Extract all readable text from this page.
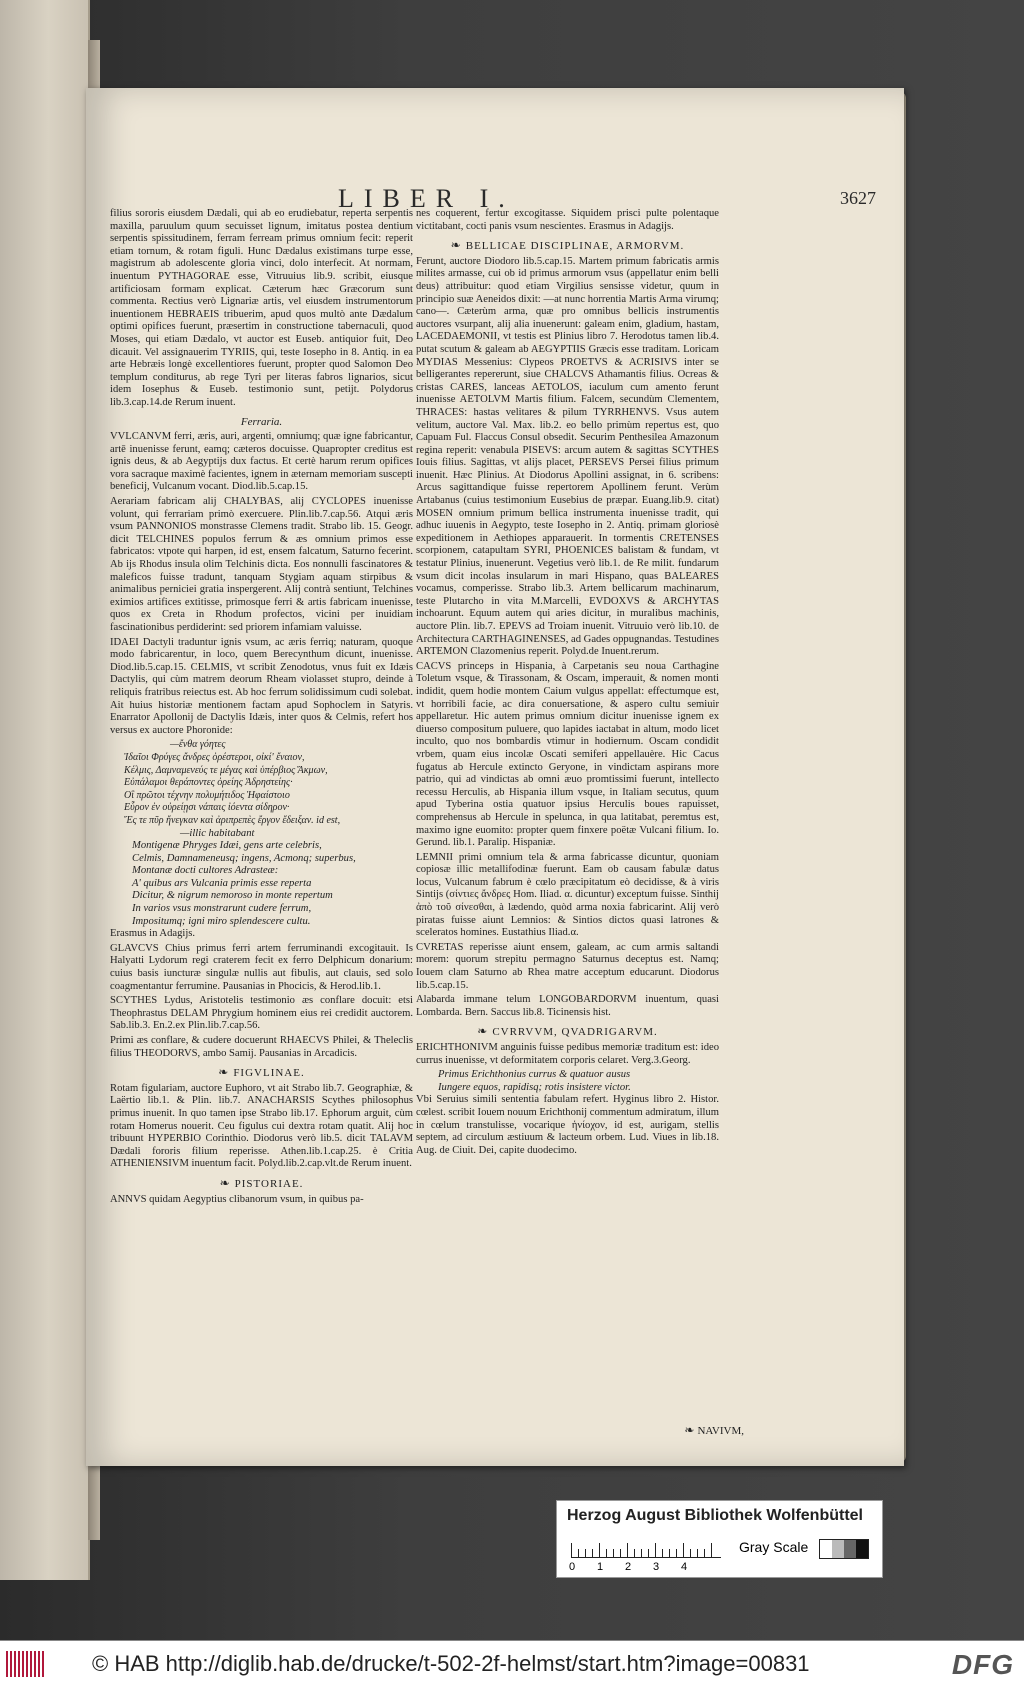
LIBER I.	3627

filius sororis eiusdem Dædali, qui ab eo erudiebatur, reperta serpentis maxilla, paruulum quum secuisset lignum, imitatus postea dentium serpentis spissitudinem, ferram ferream primus omnium fecit: reperit etiam tornum, & rotam figuli. Hunc Dædalus existimans turpe esse, magistrum ab adolescente gloria vinci, dolo interfecit. At normam, inuentum PYTHAGORAE esse, Vitruuius lib.9. scribit, eiusque artificiosam formam explicat. Cæterum hæc Græcorum sunt commenta. Rectius verò Lignariæ artis, vel eiusdem instrumentorum inuentionem HEBRAEIS tribuerim, apud quos multò ante Dædalum optimi opifices fuerunt, præsertim in constructione tabernaculi, quod Moses, qui etiam Dædalo, vt auctor est Euseb. antiquior fuit, Deo dicauit. Vel assignauerim TYRIIS, qui, teste Iosepho in 8. Antiq. in ea arte Hebræis longè excellentiores fuerunt, propter quod Salomon Deo templum conditurus, ab rege Tyri per literas fabros lignarios, sicut idem Iosephus & Euseb. testimonio sunt, petijt. Polydorus lib.3.cap.14.de Rerum inuent.

Ferraria.

VVLCANVM ferri, æris, auri, argenti, omniumq; quæ igne fabricantur, artē inuenisse ferunt, eamq; cæteros docuisse. Quapropter creditus est ignis deus, & ab Aegyptijs dux factus. Et certè harum rerum opifices vora sacraque maximè facientes, ignem in æternam memoriam suscepti beneficij, Vulcanum vocant. Diod.lib.5.cap.15.

Aerariam fabricam alij CHALYBAS, alij CYCLOPES inuenisse volunt, qui ferrariam primò exercuere. Plin.lib.7.cap.56. Atqui æris vsum PANNONIOS monstrasse Clemens tradit. Strabo lib. 15. Geogr. dicit TELCHINES populos ferrum & æs omnium primos esse fabricatos: vtpote qui harpen, id est, ensem falcatum, Saturno fecerint. Ab ijs Rhodus insula olim Telchinis dicta. Eos nonnulli fascinatores & maleficos fuisse tradunt, tanquam Stygiam aquam stirpibus & animalibus perniciei gratia inspergerent. Alij contrà sentiunt, Telchines eximios artifices extitisse, primosque ferri & artis fabricam inuenisse, quos ex Creta in Rhodum profectos, vicini per inuidiam fascinationibus perdiderint: sed priorem infamiam valuisse.

IDAEI Dactyli traduntur ignis vsum, ac æris ferriq; naturam, quoque modo fabricarentur, in loco, quem Berecynthum dicunt, inuenisse. Diod.lib.5.cap.15. CELMIS, vt scribit Zenodotus, vnus fuit ex Idæis Dactylis, qui cùm matrem deorum Rheam violasset stupro, deinde à reliquis fratribus reiectus est. Ab hoc ferrum solidissimum cudi solebat. Ait huius historiæ mentionem factam apud Sophoclem in Satyris. Enarrator Apollonij de Dactylis Idæis, inter quos & Celmis, refert hos versus ex auctore Phoronide:

—ἔνθα γόητες
Ἰδαῖοι Φρύγες ἄνδρες ὀρέστεροι, οἰκί' ἔναιον,
Κέλμις, Δαμναμενεύς τε μέγας καὶ ὑπέρβιος Ἄκμων,
Εὐπάλαμοι θεράποντες ὀρείης Ἀδρηστείης·
Οἳ πρῶτοι τέχνην πολυμήτιδος Ἡφαίστοιο
Εὗρον ἐν οὐρείῃσι νάπαις ἰόεντα σίδηρον·
Ἔς τε πῦρ ἤνεγκαν καὶ ἀριπρεπὲς ἔργον ἔδειξαν. id est,
—illic habitabant
Montigenæ Phryges Idæi, gens arte celebris,
Celmis, Damnameneusq; ingens, Acmonq; superbus,
Montanæ docti cultores Adrasteæ:
A' quibus ars Vulcania primis esse reperta
Dicitur, & nigrum nemoroso in monte repertum
In varios vsus monstrarunt cudere ferrum,
Impositumq; igni miro splendescere cultu.

Erasmus in Adagijs.

GLAVCVS Chius primus ferri artem ferruminandi excogitauit. Is Halyatti Lydorum regi craterem fecit ex ferro Delphicum donarium: cuius basis iuncturæ singulæ nullis aut fibulis, aut clauis, sed solo coagmentantur ferrumine. Pausanias in Phocicis, & Herod.lib.1.

SCYTHES Lydus, Aristotelis testimonio æs conflare docuit: etsi Theophrastus DELAM Phrygium hominem eius rei credidit auctorem. Sab.lib.3. En.2.ex Plin.lib.7.cap.56.

Primi æs conflare, & cudere docuerunt RHAECVS Philei, & Theleclis filius THEODORVS, ambo Samij. Pausanias in Arcadicis.

❧ FIGVLINAE.

Rotam figulariam, auctore Euphoro, vt ait Strabo lib.7. Geographiæ, & Laërtio lib.1. & Plin. lib.7. ANACHARSIS Scythes philosophus primus inuenit. In quo tamen ipse Strabo lib.17. Ephorum arguit, cùm rotam Homerus nouerit. Ceu figulus cui dextra rotam quatit. Alij hoc tribuunt HYPERBIO Corinthio. Diodorus verò lib.5. dicit TALAVM Dædali fororis filium reperisse. Athen.lib.1.cap.25. è Critia ATHENIENSIVM inuentum facit. Polyd.lib.2.cap.vlt.de Rerum inuent.

❧ PISTORIAE.

ANNVS quidam Aegyptius clibanorum vsum, in quibus pa-

nes coquerent, fertur excogitasse. Siquidem prisci pulte polentaque victitabant, cocti panis vsum nescientes. Erasmus in Adagijs.

❧ BELLICAE DISCIPLINAE, ARMORVM.

Ferunt, auctore Diodoro lib.5.cap.15. Martem primum fabricatis armis milites armasse, cui ob id primus armorum vsus (appellatur enim belli deus) attribuitur: quod etiam Virgilius sensisse videtur, quum in principio suæ Aeneidos dixit: —at nunc horrentia Martis Arma virumq; cano—. Cæterùm arma, quæ pro omnibus bellicis instrumentis auctores vsurpant, alij alia inuenerunt: galeam enim, gladium, hastam, LACEDAEMONII, vt testis est Plinius libro 7. Herodotus tamen lib.4. putat scutum & galeam ab AEGYPTIIS Græcis esse traditam. Loricam MYDIAS Messenius: Clypeos PROETVS & ACRISIVS inter se belligerantes repererunt, siue CHALCVS Athamantis filius. Ocreas & cristas CARES, lanceas AETOLOS, iaculum cum amento ferunt inuenisse AETOLVM Martis filium. Falcem, secundùm Clementem, THRACES: hastas velitares & pilum TYRRHENVS. Vsus autem velitum, auctore Val. Max. lib.2. eo bello primùm repertus est, quo Capuam Ful. Flaccus Consul obsedit. Securim Penthesilea Amazonum regina reperit: venabula PISEVS: arcum autem & sagittas SCYTHES Iouis filius. Sagittas, vt alijs placet, PERSEVS Persei filius primum inuenit. Hæc Plinius. At Diodorus Apollini assignat, in 6. scribens: Arcus sagittandique fuisse repertorem Apollinem ferunt. Verùm Artabanus (cuius testimonium Eusebius de præpar. Euang.lib.9. citat) MOSEN omnium primum bellica instrumenta inuenisse tradit, qui adhuc iuuenis in Aegypto, teste Iosepho in 2. Antiq. primam gloriosè expeditionem in Aethiopes apparauerit. In tormentis CRETENSES scorpionem, catapultam SYRI, PHOENICES balistam & fundam, vt testatur Plinius, inuenerunt. Vegetius verò lib.1. de Re milit. fundarum vsum dicit incolas insularum in mari Hispano, quas BALEARES vocamus, comperisse. Strabo lib.3. Artem bellicarum machinarum, teste Plutarcho in vita M.Marcelli, EVDOXVS & ARCHYTAS inchoarunt. Equum autem qui aries dicitur, in muralibus machinis, auctore Plin. lib.7. EPEVS ad Troiam inuenit. Vitruuio verò lib.10. de Architectura CARTHAGINENSES, ad Gades oppugnandas. Testudines ARTEMON Clazomenius reperit. Polyd.de Inuent.rerum.

CACVS princeps in Hispania, à Carpetanis seu noua Carthagine Toletum vsque, & Tirassonam, & Oscam, imperauit, & nomen monti indidit, quem hodie montem Caium vulgus appellat: effectumque est, vt horribili facie, ac dira conuersatione, & aspero cultu semiuir appellaretur. Hic autem primus omnium dicitur inuenisse ignem ex diuerso compositum puluere, quo lapides iactabat in altum, modo licet inculto, quo nos bombardis vtimur in hodiernum. Oscam condidit vrbem, quam eius incolæ Oscati semiferi appellauère. Hic Cacus fugatus ab Hercule extincto Geryone, in vindictam aspirans more patrio, qui ad vindictas ab omni æuo promtissimi fuerunt, intellecto recessu Herculis, ab Hispania illum vsque, in Italiam secutus, quum apud Tyberina ostia quatuor ipsius Herculis boues rapuisset, comprehensus ab Hercule in spelunca, in qua latitabat, peremtus est, maximo igne euomito: propter quem finxere poëtæ Vulcani filium. Io. Gerund. lib.1. Paralip. Hispaniæ.

LEMNII primi omnium tela & arma fabricasse dicuntur, quoniam copiosæ illic metallifodinæ fuerunt. Eam ob causam fabulæ datus locus, Vulcanum fabrum è cœlo præcipitatum eò decidisse, & à viris Sintijs (σίντιες ἄνδρες Hom. Iliad. α. dicuntur) exceptum fuisse. Sinthij ἀπὸ τοῦ σίνεσθαι, à lædendo, quòd arma noxia fabricarint. Alij verò piratas fuisse aiunt Lemnios: & Sintios dictos quasi latrones & sceleratos homines. Eustathius Iliad.α.

CVRETAS reperisse aiunt ensem, galeam, ac cum armis saltandi morem: quorum strepitu permagno Saturnus deceptus est. Namq; Iouem clam Saturno ab Rhea matre acceptum educarunt. Diodorus lib.5.cap.15.

Alabarda immane telum LONGOBARDORVM inuentum, quasi Lombarda. Bern. Saccus lib.8. Ticinensis hist.

❧ CVRRVVM, QVADRIGARVM.

ERICHTHONIVM anguinis fuisse pedibus memoriæ traditum est: ideo currus inuenisse, vt deformitatem corporis celaret. Verg.3.Georg.

Primus Erichthonius currus & quatuor ausus
Iungere equos, rapidisq; rotis insistere victor.

Vbi Seruius simili sententia fabulam refert. Hyginus libro 2. Histor. cœlest. scribit Iouem nouum Erichthonij commentum admiratum, illum in cœlum transtulisse, vocarique ἡνίοχον, id est, aurigam, stellis septem, ad circulum æstiuum & lacteum orbem. Lud. Viues in lib.18. Aug. de Ciuit. Dei, capite duodecimo.

❧ NAVIVM,
Herzog August Bibliothek Wolfenbüttel
0 1 2 3 4
Gray Scale
© HAB http://diglib.hab.de/drucke/t-502-2f-helmst/start.htm?image=00831	DFG
